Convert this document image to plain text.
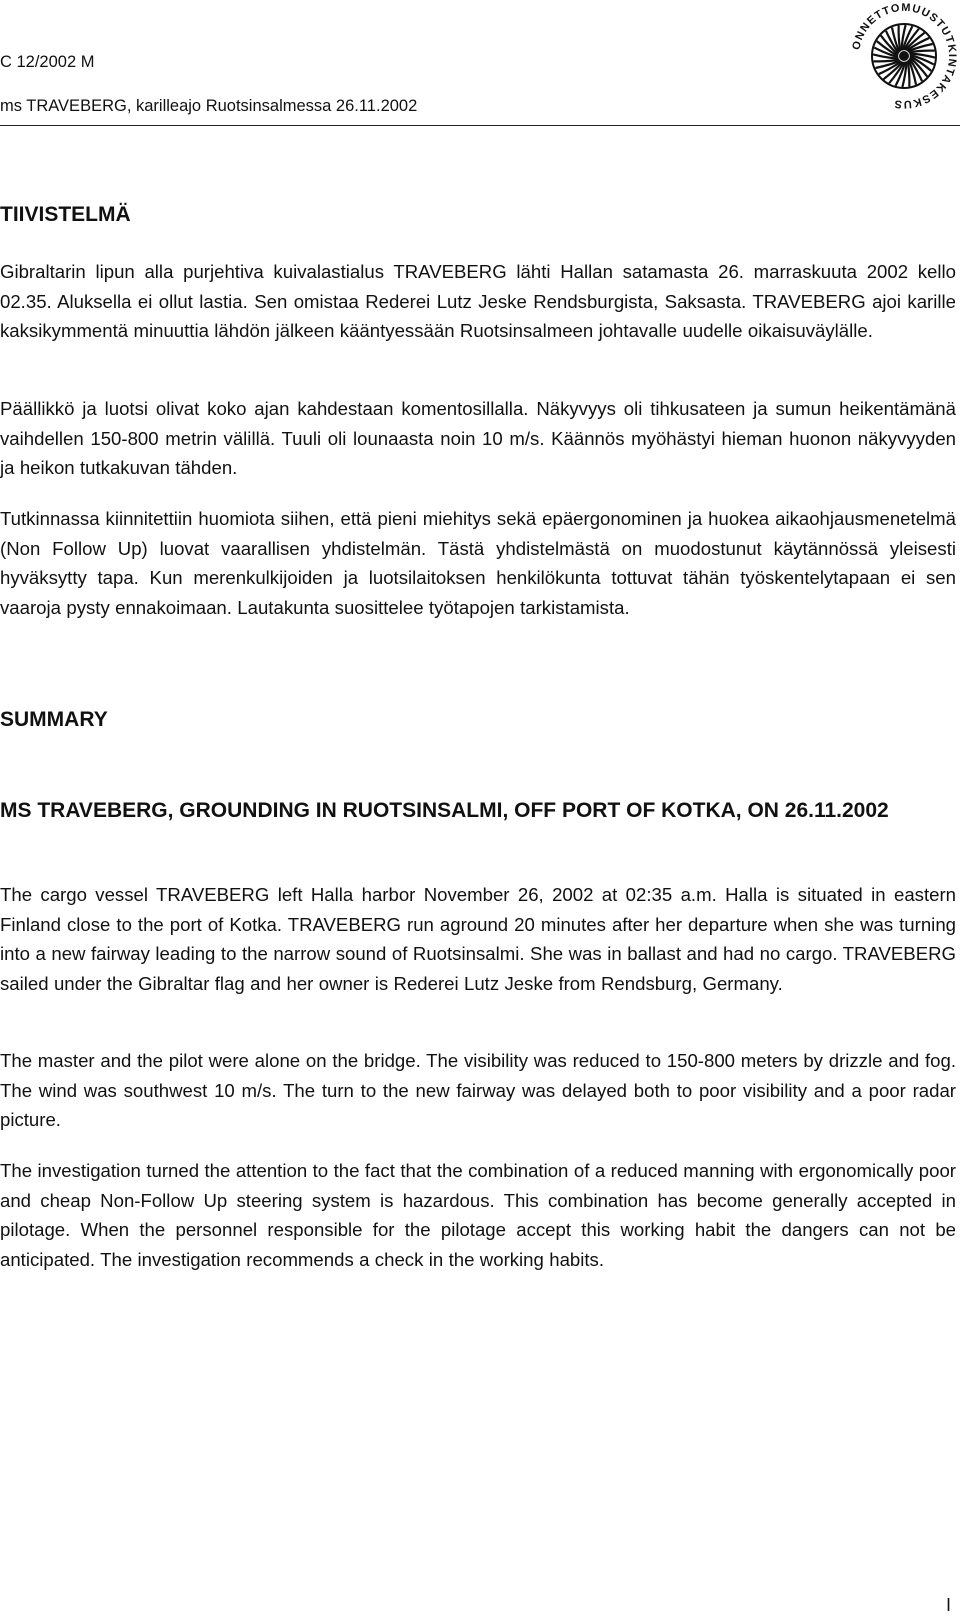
C 12/2002 M
ms TRAVEBERG, karilleajo Ruotsinsalmessa 26.11.2002
ONNETTOMUUSTUTKINTAKESKUS
TIIVISTELMÄ

Gibraltarin lipun alla purjehtiva kuivalastialus TRAVEBERG lähti Hallan satamasta 26. marraskuuta 2002 kello 02.35. Aluksella ei ollut lastia. Sen omistaa Rederei Lutz Jeske Rendsburgista, Saksasta. TRAVEBERG ajoi karille kaksikymmentä minuuttia lähdön jälkeen kääntyessään Ruotsinsalmeen johtavalle uudelle oikaisuväylälle.

Päällikkö ja luotsi olivat koko ajan kahdestaan komentosillalla. Näkyvyys oli tihkusateen ja sumun heikentämänä vaihdellen 150-800 metrin välillä. Tuuli oli lounaasta noin 10 m/s. Käännös myöhästyi hieman huonon näkyvyyden ja heikon tutkakuvan tähden.

Tutkinnassa kiinnitettiin huomiota siihen, että pieni miehitys sekä epäergonominen ja huokea aikaohjausmenetelmä (Non Follow Up) luovat vaarallisen yhdistelmän. Tästä yhdistelmästä on muodostunut käytännössä yleisesti hyväksytty tapa. Kun merenkulkijoiden ja luotsilaitoksen henkilökunta tottuvat tähän työskentelytapaan ei sen vaaroja pysty ennakoimaan. Lautakunta suosittelee työtapojen tarkistamista.

SUMMARY
MS TRAVEBERG, GROUNDING IN RUOTSINSALMI, OFF PORT OF KOTKA, ON 26.11.2002

The cargo vessel TRAVEBERG left Halla harbor November 26, 2002 at 02:35 a.m. Halla is situated in eastern Finland close to the port of Kotka. TRAVEBERG run aground 20 minutes after her departure when she was turning into a new fairway leading to the narrow sound of Ruotsinsalmi. She was in ballast and had no cargo. TRAVEBERG sailed under the Gibraltar flag and her owner is Rederei Lutz Jeske from Rendsburg, Germany.

The master and the pilot were alone on the bridge. The visibility was reduced to 150-800 meters by drizzle and fog. The wind was southwest 10 m/s. The turn to the new fairway was delayed both to poor visibility and a poor radar picture.

The investigation turned the attention to the fact that the combination of a reduced manning with ergonomically poor and cheap Non-Follow Up steering system is hazardous. This combination has become generally accepted in pilotage. When the personnel responsible for the pilotage accept this working habit the dangers can not be anticipated. The investigation recommends a check in the working habits.

I
